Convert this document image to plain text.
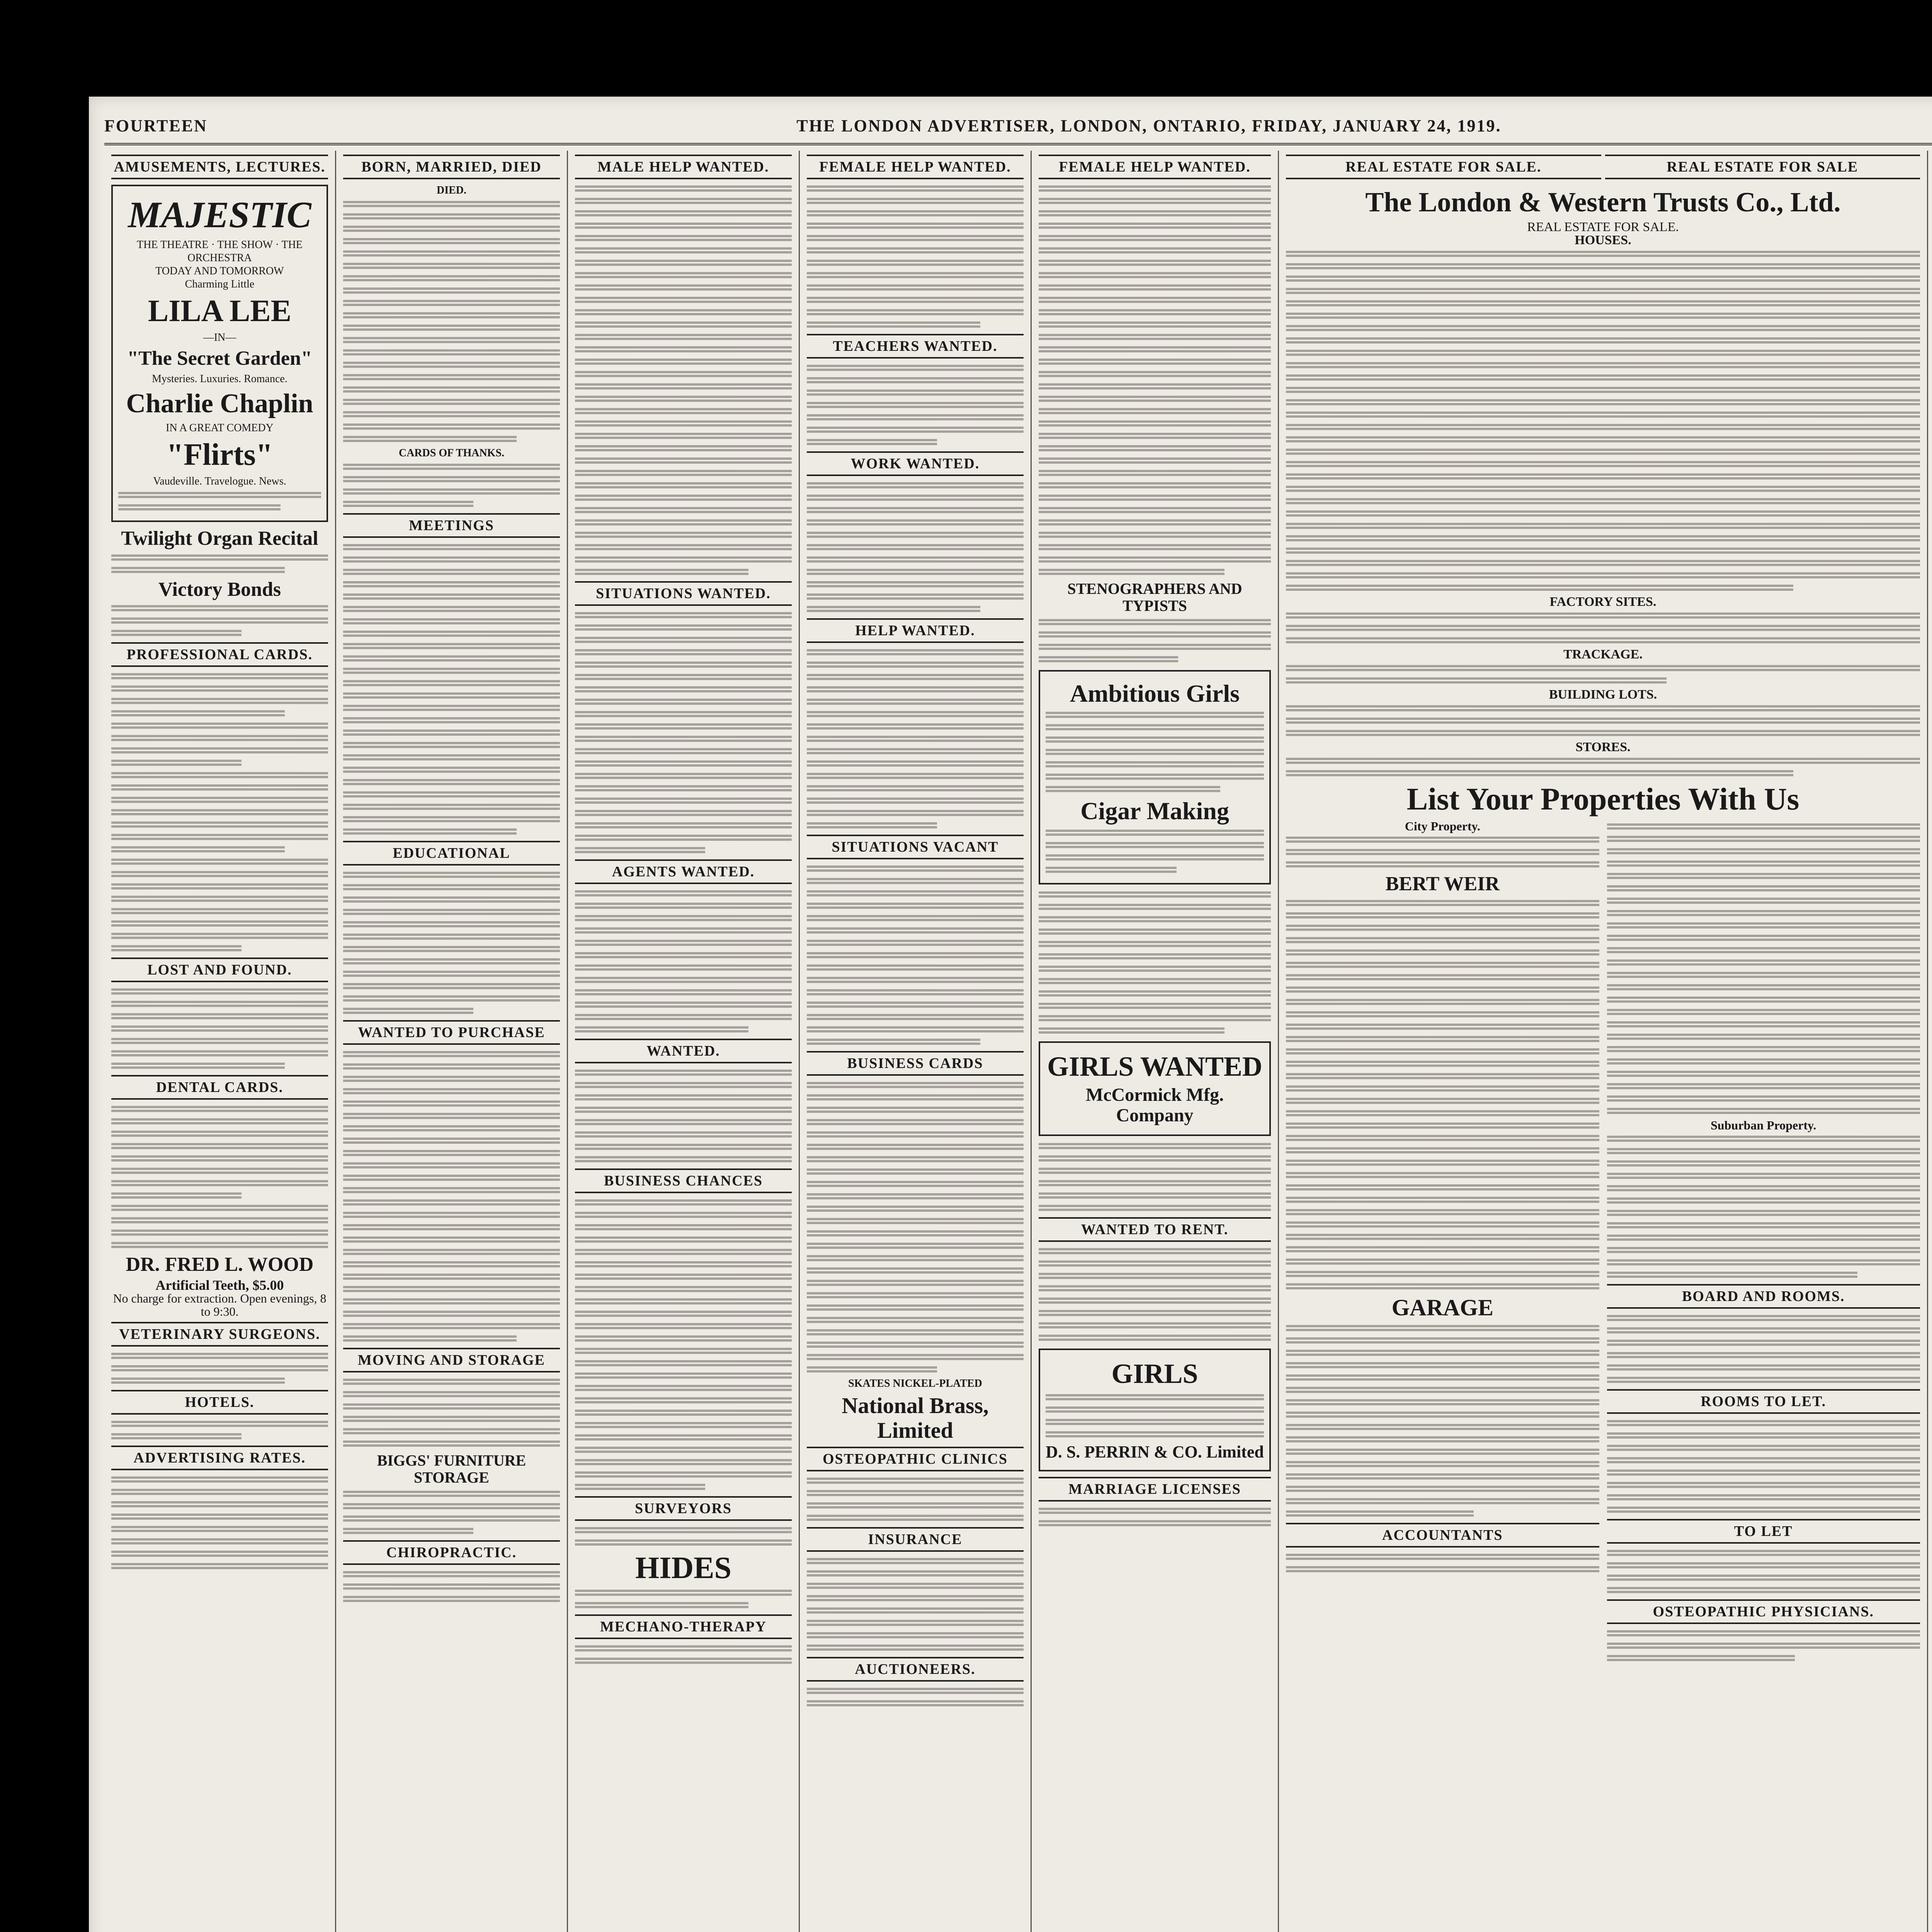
FOURTEEN	THE LONDON ADVERTISER, LONDON, ONTARIO, FRIDAY, JANUARY 24, 1919.
AMUSEMENTS, LECTURES.
MAJESTIC
THE THEATRE · THE SHOW · THE ORCHESTRA
TODAY AND TOMORROW
Charming Little
LILA LEE
—IN—
"The Secret Garden"
Mysteries. Luxuries. Romance.
Charlie Chaplin
IN A GREAT COMEDY
"Flirts"
Vaudeville. Travelogue. News.
Twilight Organ Recital
Victory Bonds
PROFESSIONAL CARDS.
LOST AND FOUND.
DENTAL CARDS.
DR. FRED L. WOOD
Artificial Teeth, $5.00
No charge for extraction. Open evenings, 8 to 9:30.
VETERINARY SURGEONS.
HOTELS.
ADVERTISING RATES.
BORN, MARRIED, DIED
DIED.
CARDS OF THANKS.
MEETINGS
EDUCATIONAL
WANTED TO PURCHASE
MOVING AND STORAGE
BIGGS' FURNITURE STORAGE
CHIROPRACTIC.
MALE HELP WANTED.
SITUATIONS WANTED.
AGENTS WANTED.
WANTED.
BUSINESS CHANCES
SURVEYORS
HIDES
MECHANO-THERAPY
FEMALE HELP WANTED.
TEACHERS WANTED.
WORK WANTED.
HELP WANTED.
SITUATIONS VACANT
BUSINESS CARDS
SKATES NICKEL-PLATED
National Brass, Limited
OSTEOPATHIC CLINICS
INSURANCE
AUCTIONEERS.
FEMALE HELP WANTED.
STENOGRAPHERS AND TYPISTS
Ambitious Girls
Cigar Making
GIRLS WANTED
McCormick Mfg. Company
WANTED TO RENT.
GIRLS
D. S. PERRIN & CO. Limited
MARRIAGE LICENSES
REAL ESTATE FOR SALE.	REAL ESTATE FOR SALE
The London & Western Trusts Co., Ltd.
REAL ESTATE FOR SALE.
HOUSES.
FACTORY SITES.
TRACKAGE.
BUILDING LOTS.
STORES.
List Your Properties With Us
City Property.
BERT WEIR
GARAGE
ACCOUNTANTS
Suburban Property.
BOARD AND ROOMS.
ROOMS TO LET.
TO LET
OSTEOPATHIC PHYSICIANS.
